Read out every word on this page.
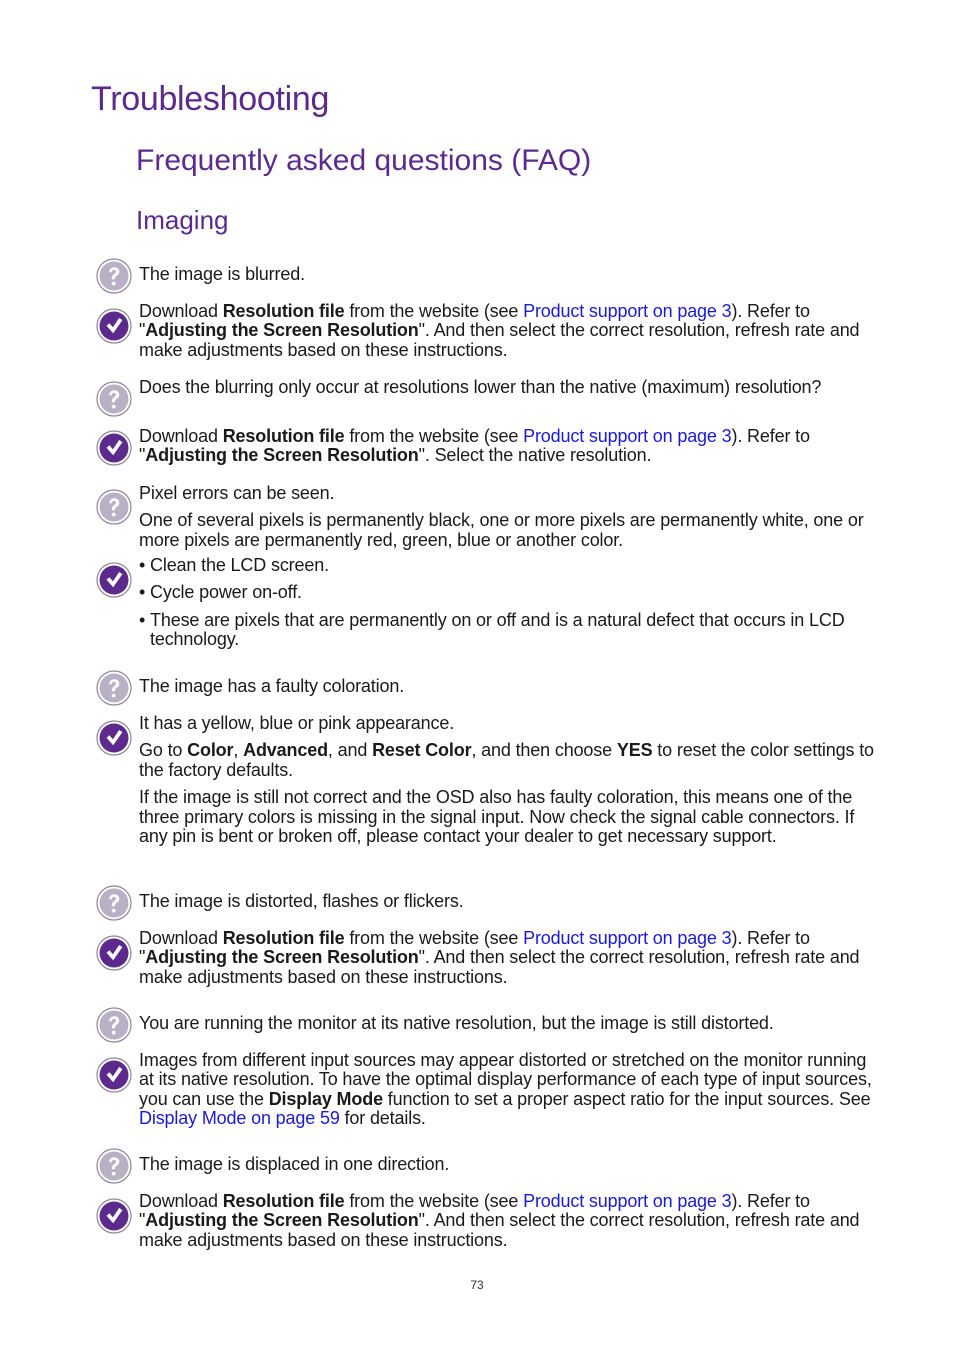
Troubleshooting
Frequently asked questions (FAQ)
Imaging

The image is blurred.

Download Resolution file from the website (see Product support on page 3). Refer to "Adjusting the Screen Resolution". And then select the correct resolution, refresh rate and make adjustments based on these instructions.

Does the blurring only occur at resolutions lower than the native (maximum) resolution?

Download Resolution file from the website (see Product support on page 3). Refer to "Adjusting the Screen Resolution". Select the native resolution.

Pixel errors can be seen.

One of several pixels is permanently black, one or more pixels are permanently white, one or more pixels are permanently red, green, blue or another color.

• Clean the LCD screen.

• Cycle power on-off.

• These are pixels that are permanently on or off and is a natural defect that occurs in LCD technology.

The image has a faulty coloration.

It has a yellow, blue or pink appearance.

Go to Color, Advanced, and Reset Color, and then choose YES to reset the color settings to the factory defaults.

If the image is still not correct and the OSD also has faulty coloration, this means one of the three primary colors is missing in the signal input. Now check the signal cable connectors. If any pin is bent or broken off, please contact your dealer to get necessary support.

The image is distorted, flashes or flickers.

Download Resolution file from the website (see Product support on page 3). Refer to "Adjusting the Screen Resolution". And then select the correct resolution, refresh rate and make adjustments based on these instructions.

You are running the monitor at its native resolution, but the image is still distorted.

Images from different input sources may appear distorted or stretched on the monitor running at its native resolution. To have the optimal display performance of each type of input sources, you can use the Display Mode function to set a proper aspect ratio for the input sources. See Display Mode on page 59 for details.

The image is displaced in one direction.

Download Resolution file from the website (see Product support on page 3). Refer to "Adjusting the Screen Resolution". And then select the correct resolution, refresh rate and make adjustments based on these instructions.

73
